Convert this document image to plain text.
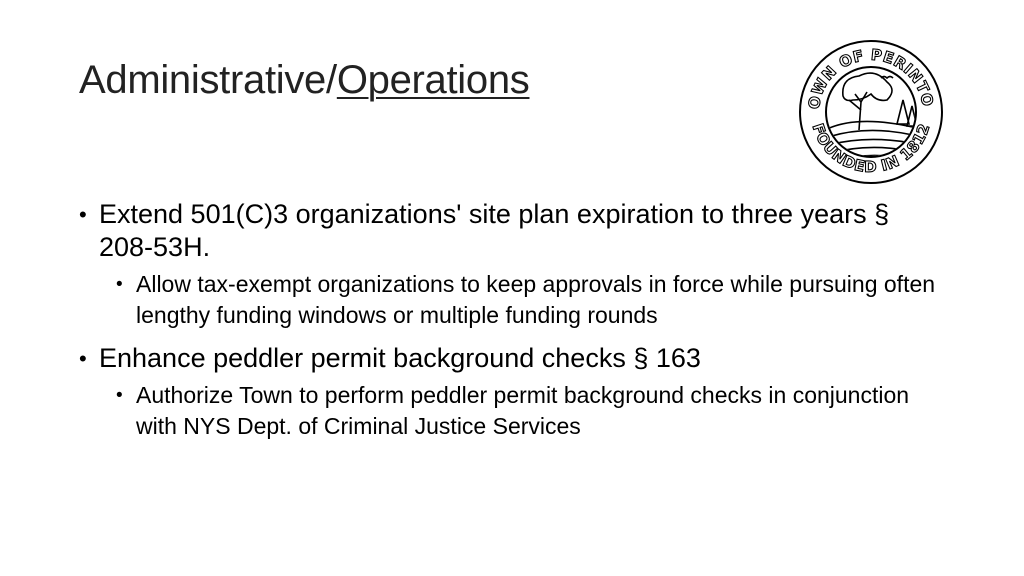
Administrative/Operations
OWN OF PERINTO
FOUNDED IN 1812
• Extend 501(C)3 organizations' site plan expiration to three years § 208-53H.
• Allow tax-exempt organizations to keep approvals in force while pursuing often lengthy funding windows or multiple funding rounds
• Enhance peddler permit background checks § 163
• Authorize Town to perform peddler permit background checks in conjunction with NYS Dept. of Criminal Justice Services
